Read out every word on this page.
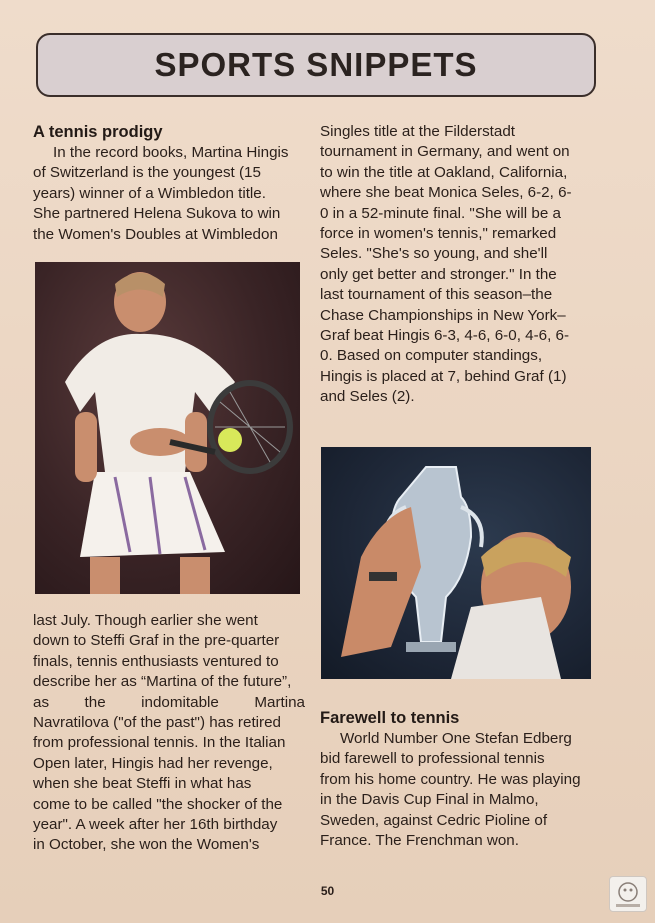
SPORTS SNIPPETS
A tennis prodigy
In the record books, Martina Hingis
of Switzerland is the youngest (15
years) winner of a Wimbledon title.
She partnered Helena Sukova to win
the Women's Doubles at Wimbledon
last July. Though earlier she went
down to Steffi Graf in the pre-quarter
finals, tennis enthusiasts ventured to
describe her as “Martina of the future”,
as the indomitable Martina
Navratilova ("of the past") has retired
from professional tennis. In the Italian
Open later, Hingis had her revenge,
when she beat Steffi in what has
come to be called "the shocker of the
year". A week after her 16th birthday
in October, she won the Women's
Singles title at the Filderstadt
tournament in Germany, and went on
to win the title at Oakland, California,
where she beat Monica Seles, 6-2, 6-
0 in a 52-minute final. "She will be a
force in women's tennis," remarked
Seles. "She's so young, and she'll
only get better and stronger." In the
last tournament of this season–the
Chase Championships in New York–
Graf beat Hingis 6-3, 4-6, 6-0, 4-6, 6-
0. Based on computer standings,
Hingis is placed at 7, behind Graf (1)
and Seles (2).
Farewell to tennis
World Number One Stefan Edberg
bid farewell to professional tennis
from his home country. He was playing
in the Davis Cup Final in Malmo,
Sweden, against Cedric Pioline of
France. The Frenchman won.
50
